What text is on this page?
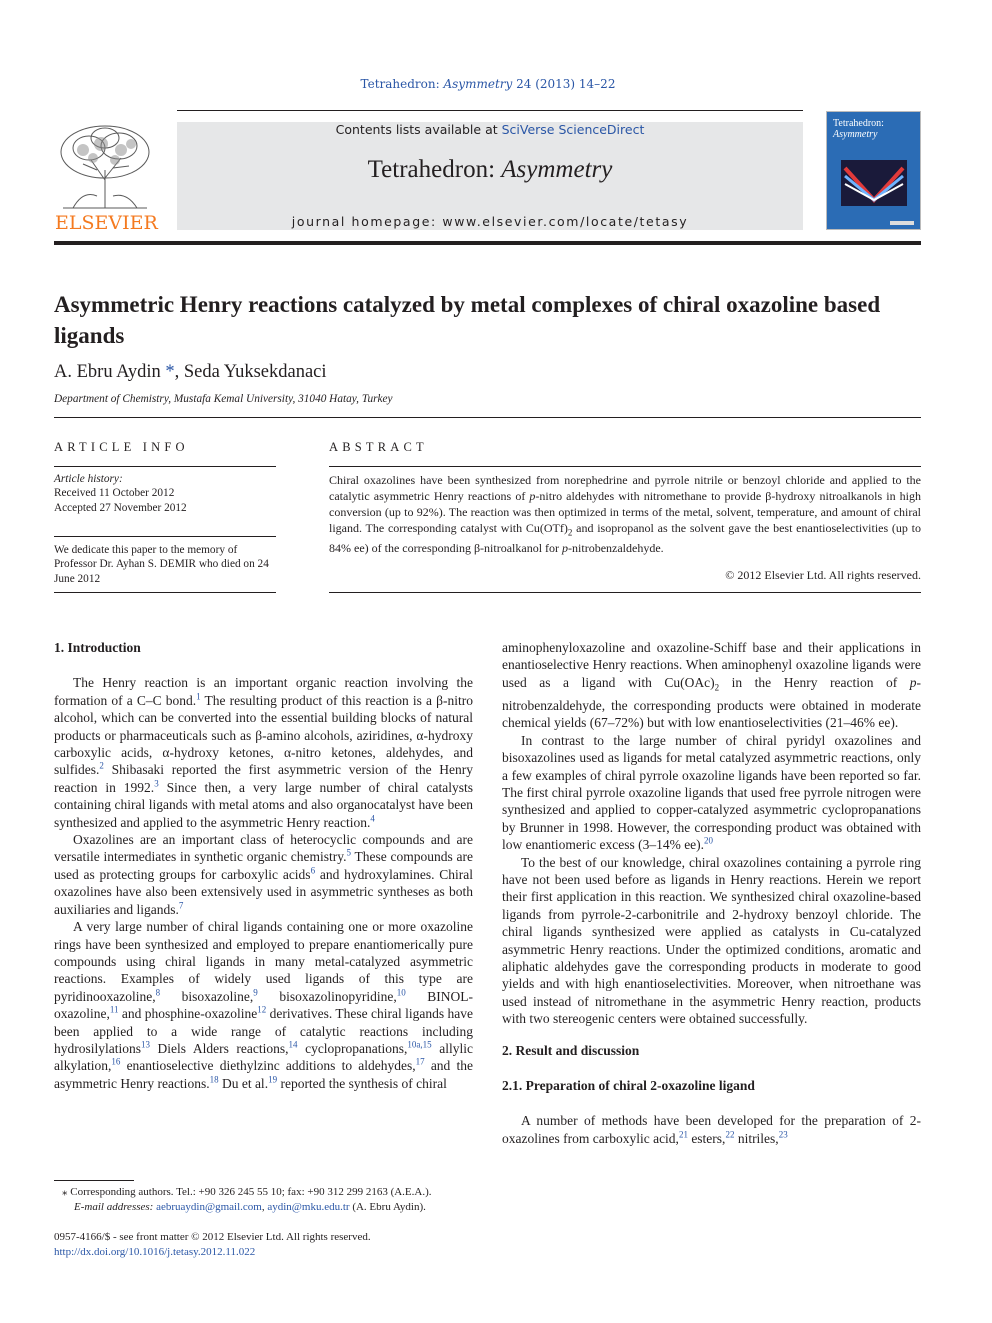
Tetrahedron: Asymmetry 24 (2013) 14–22
ELSEVIER
Contents lists available at SciVerse ScienceDirect
Tetrahedron: Asymmetry
journal homepage: www.elsevier.com/locate/tetasy
Tetrahedron:
Asymmetry
Asymmetric Henry reactions catalyzed by metal complexes of chiral oxazoline based ligands
A. Ebru Aydin *, Seda Yuksekdanaci
Department of Chemistry, Mustafa Kemal University, 31040 Hatay, Turkey
ARTICLE INFO	ABSTRACT
Article history:
Received 11 October 2012
Accepted 27 November 2012
We dedicate this paper to the memory of Professor Dr. Ayhan S. DEMIR who died on 24 June 2012
Chiral oxazolines have been synthesized from norephedrine and pyrrole nitrile or benzoyl chloride and applied to the catalytic asymmetric Henry reactions of p-nitro aldehydes with nitromethane to provide β-hydroxy nitroalkanols in high conversion (up to 92%). The reaction was then optimized in terms of the metal, solvent, temperature, and amount of chiral ligand. The corresponding catalyst with $Cu(OTf)_2$ and isopropanol as the solvent gave the best enantioselectivities (up to 84% ee) of the corresponding β-nitroalkanol for p-nitrobenzaldehyde.
© 2012 Elsevier Ltd. All rights reserved.
1. Introduction

The Henry reaction is an important organic reaction involving the formation of a C–C bond.$^1$ The resulting product of this reaction is a β-nitro alcohol, which can be converted into the essential building blocks of natural products or pharmaceuticals such as β-amino alcohols, aziridines, α-hydroxy carboxylic acids, α-hydroxy ketones, α-nitro ketones, aldehydes, and sulfides.$^2$ Shibasaki reported the first asymmetric version of the Henry reaction in 1992.$^3$ Since then, a very large number of chiral catalysts containing chiral ligands with metal atoms and also organocatalyst have been synthesized and applied to the asymmetric Henry reaction.$^4$

Oxazolines are an important class of heterocyclic compounds and are versatile intermediates in synthetic organic chemistry.$^5$ These compounds are used as protecting groups for carboxylic acids$^6$ and hydroxylamines. Chiral oxazolines have also been extensively used in asymmetric syntheses as both auxiliaries and ligands.$^7$

A very large number of chiral ligands containing one or more oxazoline rings have been synthesized and employed to prepare enantiomerically pure compounds using chiral ligands in many metal-catalyzed asymmetric reactions. Examples of widely used ligands of this type are pyridinooxazoline,$^8$ bisoxazoline,$^9$ bisoxazolinopyridine,$^{10}$ BINOL-oxazoline,$^{11}$ and phosphine-oxazoline$^{12}$ derivatives. These chiral ligands have been applied to a wide range of catalytic reactions including hydrosilylations$^{13}$ Diels Alders reactions,$^{14}$ cyclopropanations,$^{10a,15}$ allylic alkylation,$^{16}$ enantioselective diethylzinc additions to aldehydes,$^{17}$ and the asymmetric Henry reactions.$^{18}$ Du et al.$^{19}$ reported the synthesis of chiral

aminophenyloxazoline and oxazoline-Schiff base and their applications in enantioselective Henry reactions. When aminophenyl oxazoline ligands were used as a ligand with $Cu(OAc)_2$ in the Henry reaction of p-nitrobenzaldehyde, the corresponding products were obtained in moderate chemical yields (67–72%) but with low enantioselectivities (21–46% ee).

In contrast to the large number of chiral pyridyl oxazolines and bisoxazolines used as ligands for metal catalyzed asymmetric reactions, only a few examples of chiral pyrrole oxazoline ligands have been reported so far. The first chiral pyrrole oxazoline ligands that used free pyrrole nitrogen were synthesized and applied to copper-catalyzed asymmetric cyclopropanations by Brunner in 1998. However, the corresponding product was obtained with low enantiomeric excess (3–14% ee).$^{20}$

To the best of our knowledge, chiral oxazolines containing a pyrrole ring have not been used before as ligands in Henry reactions. Herein we report their first application in this reaction. We synthesized chiral oxazoline-based ligands from pyrrole-2-carbonitrile and 2-hydroxy benzoyl chloride. The chiral ligands synthesized were applied as catalysts in Cu-catalyzed asymmetric Henry reactions. Under the optimized conditions, aromatic and aliphatic aldehydes gave the corresponding products in moderate to good yields and with high enantioselectivities. Moreover, when nitroethane was used instead of nitromethane in the asymmetric Henry reaction, products with two stereogenic centers were obtained successfully.

2. Result and discussion
2.1. Preparation of chiral 2-oxazoline ligand

A number of methods have been developed for the preparation of 2-oxazolines from carboxylic acid,$^{21}$ esters,$^{22}$ nitriles,$^{23}$

⁎ Corresponding authors. Tel.: +90 326 245 55 10; fax: +90 312 299 2163 (A.E.A.).
E-mail addresses: aebruaydin@gmail.com, aydin@mku.edu.tr (A. Ebru Aydin).
0957-4166/$ - see front matter © 2012 Elsevier Ltd. All rights reserved.
http://dx.doi.org/10.1016/j.tetasy.2012.11.022
